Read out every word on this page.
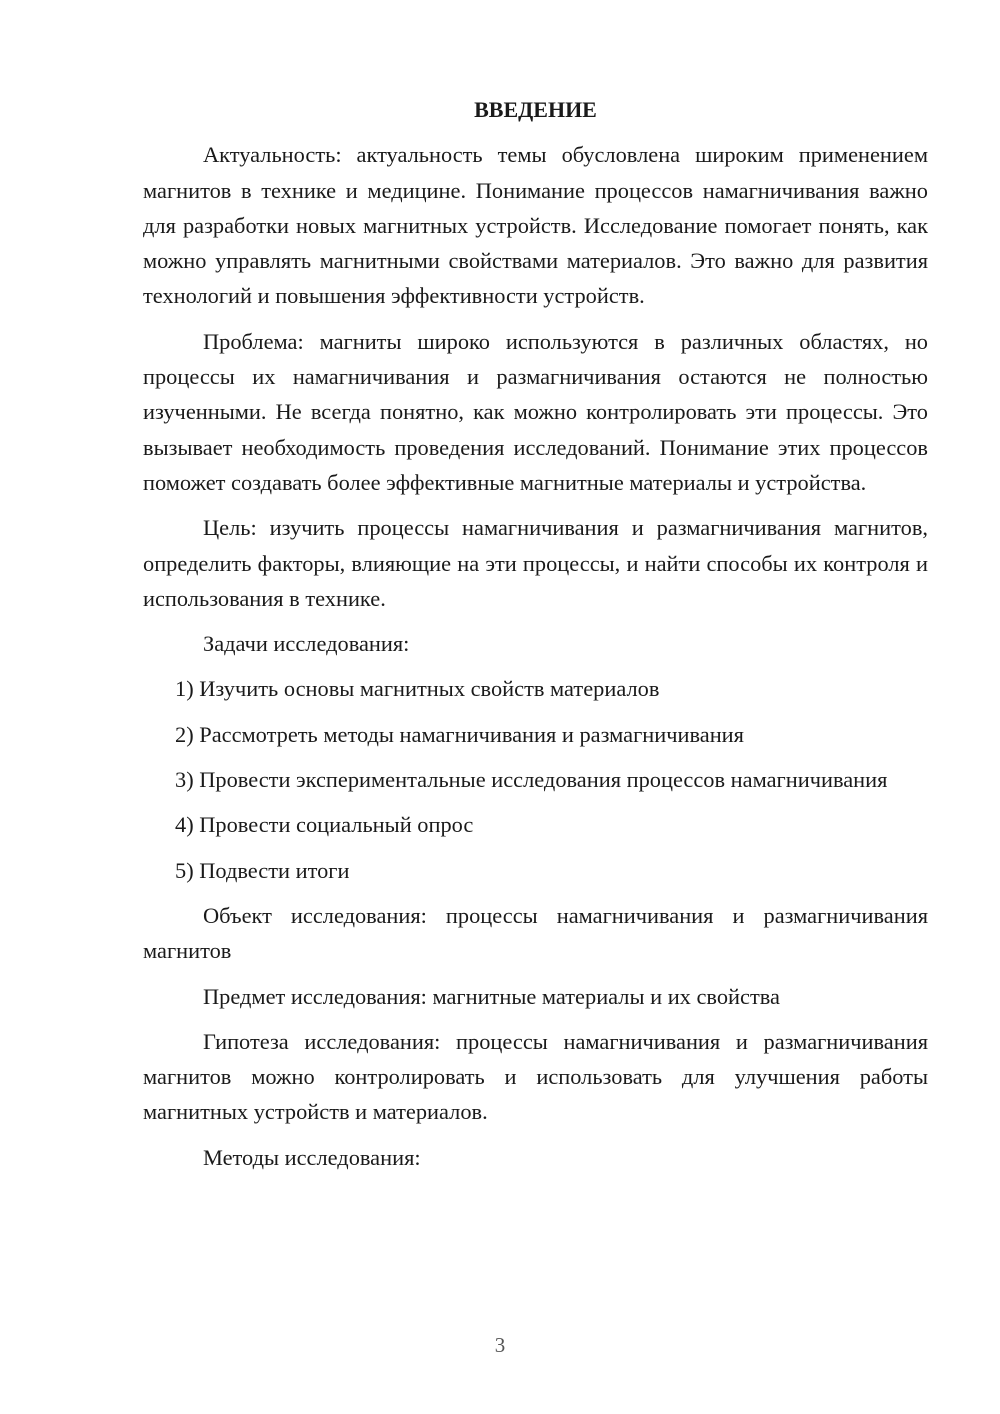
ВВЕДЕНИЕ

Актуальность: актуальность темы обусловлена широким применением магнитов в технике и медицине. Понимание процессов намагничивания важно для разработки новых магнитных устройств. Исследование помогает понять, как можно управлять магнитными свойствами материалов. Это важно для развития технологий и повышения эффективности устройств.

Проблема: магниты широко используются в различных областях, но процессы их намагничивания и размагничивания остаются не полностью изученными. Не всегда понятно, как можно контролировать эти процессы. Это вызывает необходимость проведения исследований. Понимание этих процессов поможет создавать более эффективные магнитные материалы и устройства.

Цель: изучить процессы намагничивания и размагничивания магнитов, определить факторы, влияющие на эти процессы, и найти способы их контроля и использования в технике.

Задачи исследования:

1) Изучить основы магнитных свойств материалов

2) Рассмотреть методы намагничивания и размагничивания

3) Провести экспериментальные исследования процессов намагничивания

4) Провести социальный опрос

5) Подвести итоги

Объект исследования: процессы намагничивания и размагничивания магнитов

Предмет исследования: магнитные материалы и их свойства

Гипотеза исследования: процессы намагничивания и размагничивания магнитов можно контролировать и использовать для улучшения работы магнитных устройств и материалов.

Методы исследования:

3
